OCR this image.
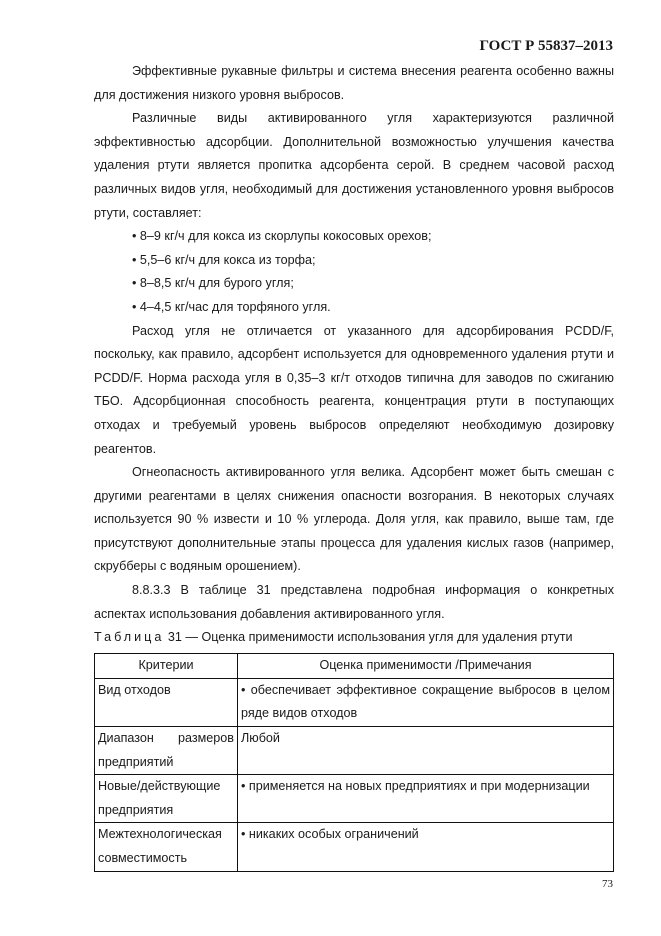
ГОСТ Р 55837–2013

Эффективные рукавные фильтры и система внесения реагента особенно важны для достижения низкого уровня выбросов.

Различные виды активированного угля характеризуются различной эффективностью адсорбции. Дополнительной возможностью улучшения качества удаления ртути является пропитка адсорбента серой. В среднем часовой расход различных видов угля, необходимый для достижения установленного уровня выбросов ртути, составляет:

• 8–9 кг/ч для кокса из скорлупы кокосовых орехов;
• 5,5–6 кг/ч для кокса из торфа;
• 8–8,5 кг/ч для бурого угля;
• 4–4,5 кг/час для торфяного угля.

Расход угля не отличается от указанного для адсорбирования PCDD/F, поскольку, как правило, адсорбент используется для одновременного удаления ртути и PCDD/F. Норма расхода угля в 0,35–3 кг/т отходов типична для заводов по сжиганию ТБО. Адсорбционная способность реагента, концентрация ртути в поступающих отходах и требуемый уровень выбросов определяют необходимую дозировку реагентов.

Огнеопасность активированного угля велика. Адсорбент может быть смешан с другими реагентами в целях снижения опасности возгорания. В некоторых случаях используется 90 % извести и 10 % углерода. Доля угля, как правило, выше там, где присутствуют дополнительные этапы процесса для удаления кислых газов (например, скрубберы с водяным орошением).

8.8.3.3 В таблице 31 представлена подробная информация о конкретных аспектах использования добавления активированного угля.

Таблица 31 — Оценка применимости использования угля для удаления ртути
Критерии	Оценка применимости /Примечания
Вид отходов	• обеспечивает эффективное сокращение выбросов в целом ряде видов отходов
Диапазон размеров предприятий	Любой
Новые/действующие предприятия	• применяется на новых предприятиях и при модернизации
Межтехнологическая совместимость	• никаких особых ограничений
73
